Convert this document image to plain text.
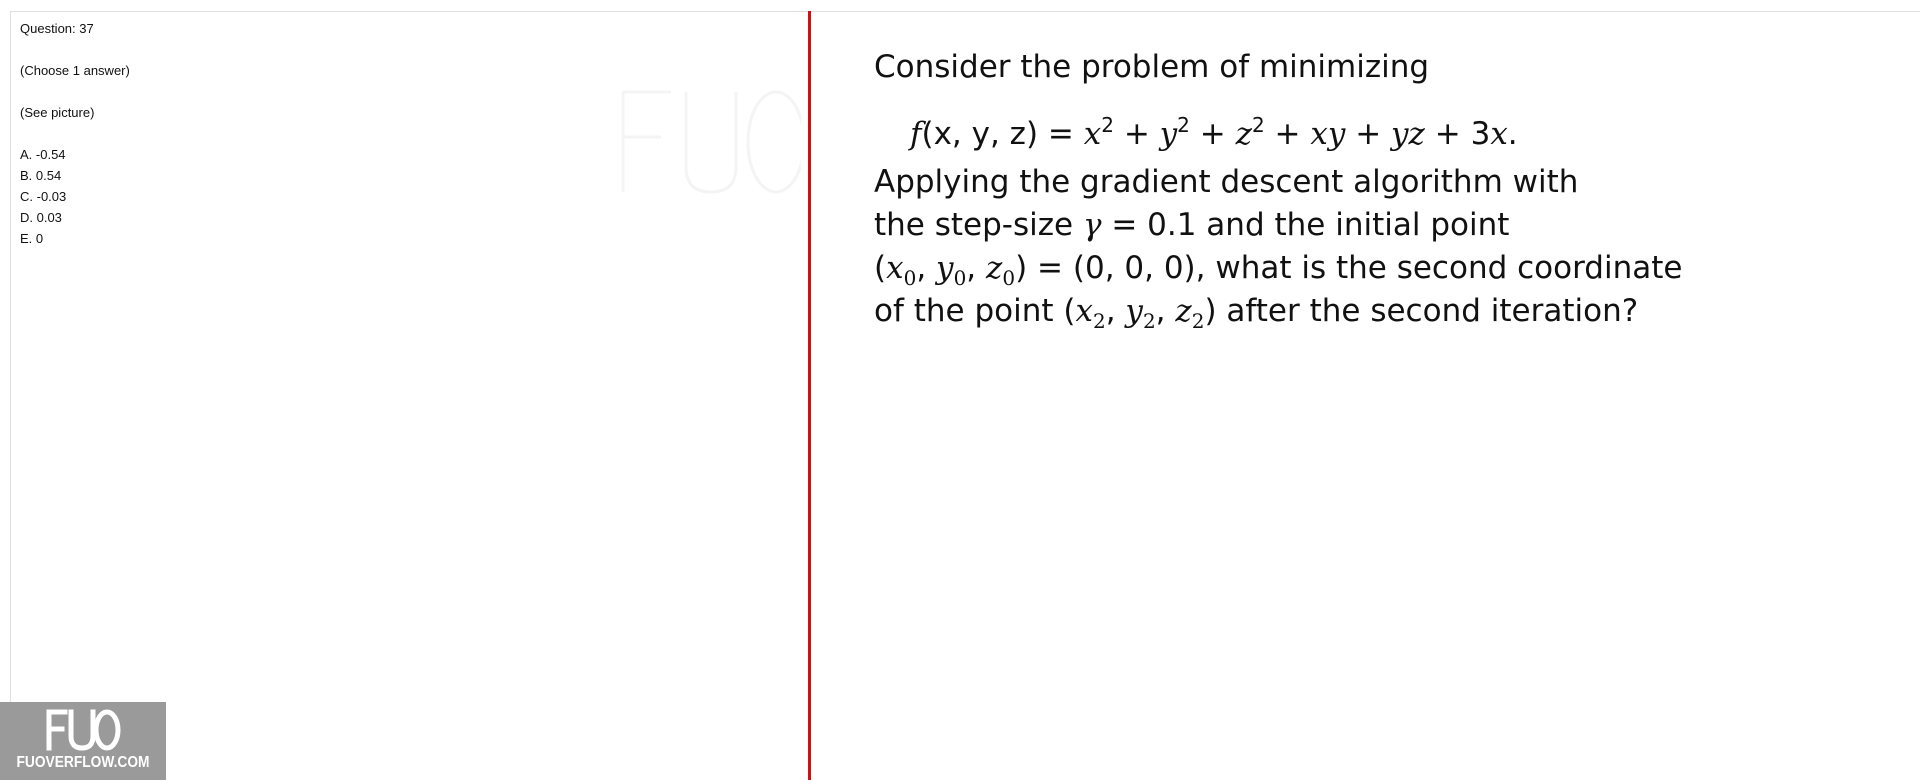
Question: 37
(Choose 1 answer)
(See picture)
A. -0.54
B. 0.54
C. -0.03
D. 0.03
E. 0
Consider the problem of minimizing
f(x, y, $z) = x^2 + y^2 + z^2$ + xy + yz + 3x.
Applying the gradient descent algorithm with
the step-size γ = 0.1 and the initial point
($x_0$, $y_0$, $z_0) = (0$, 0, 0), what is the second coordinate
of the point ($x_2$, $y_2$, $z_2$) after the second iteration?
FUOVERFLOW.COM
